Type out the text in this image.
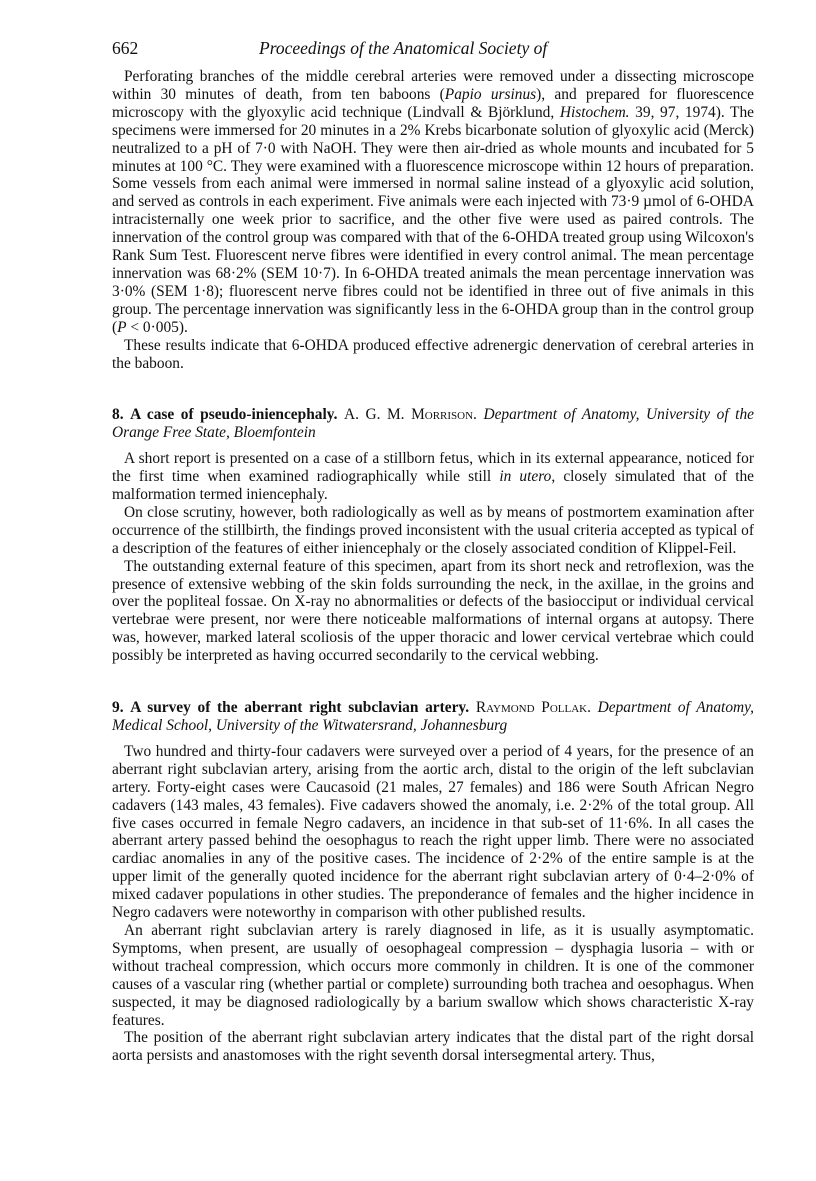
662	Proceedings of the Anatomical Society of

Perforating branches of the middle cerebral arteries were removed under a dissecting microscope within 30 minutes of death, from ten baboons (Papio ursinus), and prepared for fluorescence microscopy with the glyoxylic acid technique (Lindvall & Björklund, Histochem. 39, 97, 1974). The specimens were immersed for 20 minutes in a 2% Krebs bicarbonate solution of glyoxylic acid (Merck) neutralized to a pH of 7·0 with NaOH. They were then air-dried as whole mounts and incubated for 5 minutes at 100 °C. They were examined with a fluorescence microscope within 12 hours of preparation. Some vessels from each animal were immersed in normal saline instead of a glyoxylic acid solution, and served as controls in each experiment. Five animals were each injected with 73·9 µmol of 6-OHDA intracisternally one week prior to sacrifice, and the other five were used as paired controls. The innervation of the control group was compared with that of the 6-OHDA treated group using Wilcoxon's Rank Sum Test. Fluorescent nerve fibres were identified in every control animal. The mean percentage innervation was 68·2% (SEM 10·7). In 6-OHDA treated animals the mean percentage innervation was 3·0% (SEM 1·8); fluorescent nerve fibres could not be identified in three out of five animals in this group. The percentage innervation was significantly less in the 6-OHDA group than in the control group (P < 0·005).

These results indicate that 6-OHDA produced effective adrenergic denervation of cerebral arteries in the baboon.

8. A case of pseudo-iniencephaly. A. G. M. Morrison. Department of Anatomy, University of the Orange Free State, Bloemfontein

A short report is presented on a case of a stillborn fetus, which in its external appearance, noticed for the first time when examined radiographically while still in utero, closely simulated that of the malformation termed iniencephaly.

On close scrutiny, however, both radiologically as well as by means of postmortem examination after occurrence of the stillbirth, the findings proved inconsistent with the usual criteria accepted as typical of a description of the features of either iniencephaly or the closely associated condition of Klippel-Feil.

The outstanding external feature of this specimen, apart from its short neck and retroflexion, was the presence of extensive webbing of the skin folds surrounding the neck, in the axillae, in the groins and over the popliteal fossae. On X-ray no abnormalities or defects of the basiocciput or individual cervical vertebrae were present, nor were there noticeable malformations of internal organs at autopsy. There was, however, marked lateral scoliosis of the upper thoracic and lower cervical vertebrae which could possibly be interpreted as having occurred secondarily to the cervical webbing.

9. A survey of the aberrant right subclavian artery. Raymond Pollak. Department of Anatomy, Medical School, University of the Witwatersrand, Johannesburg

Two hundred and thirty-four cadavers were surveyed over a period of 4 years, for the presence of an aberrant right subclavian artery, arising from the aortic arch, distal to the origin of the left subclavian artery. Forty-eight cases were Caucasoid (21 males, 27 females) and 186 were South African Negro cadavers (143 males, 43 females). Five cadavers showed the anomaly, i.e. 2·2% of the total group. All five cases occurred in female Negro cadavers, an incidence in that sub-set of 11·6%. In all cases the aberrant artery passed behind the oesophagus to reach the right upper limb. There were no associated cardiac anomalies in any of the positive cases. The incidence of 2·2% of the entire sample is at the upper limit of the generally quoted incidence for the aberrant right subclavian artery of 0·4–2·0% of mixed cadaver populations in other studies. The preponderance of females and the higher incidence in Negro cadavers were noteworthy in comparison with other published results.

An aberrant right subclavian artery is rarely diagnosed in life, as it is usually asymptomatic. Symptoms, when present, are usually of oesophageal compression – dysphagia lusoria – with or without tracheal compression, which occurs more commonly in children. It is one of the commoner causes of a vascular ring (whether partial or complete) surrounding both trachea and oesophagus. When suspected, it may be diagnosed radiologically by a barium swallow which shows characteristic X-ray features.

The position of the aberrant right subclavian artery indicates that the distal part of the right dorsal aorta persists and anastomoses with the right seventh dorsal intersegmental artery. Thus,
